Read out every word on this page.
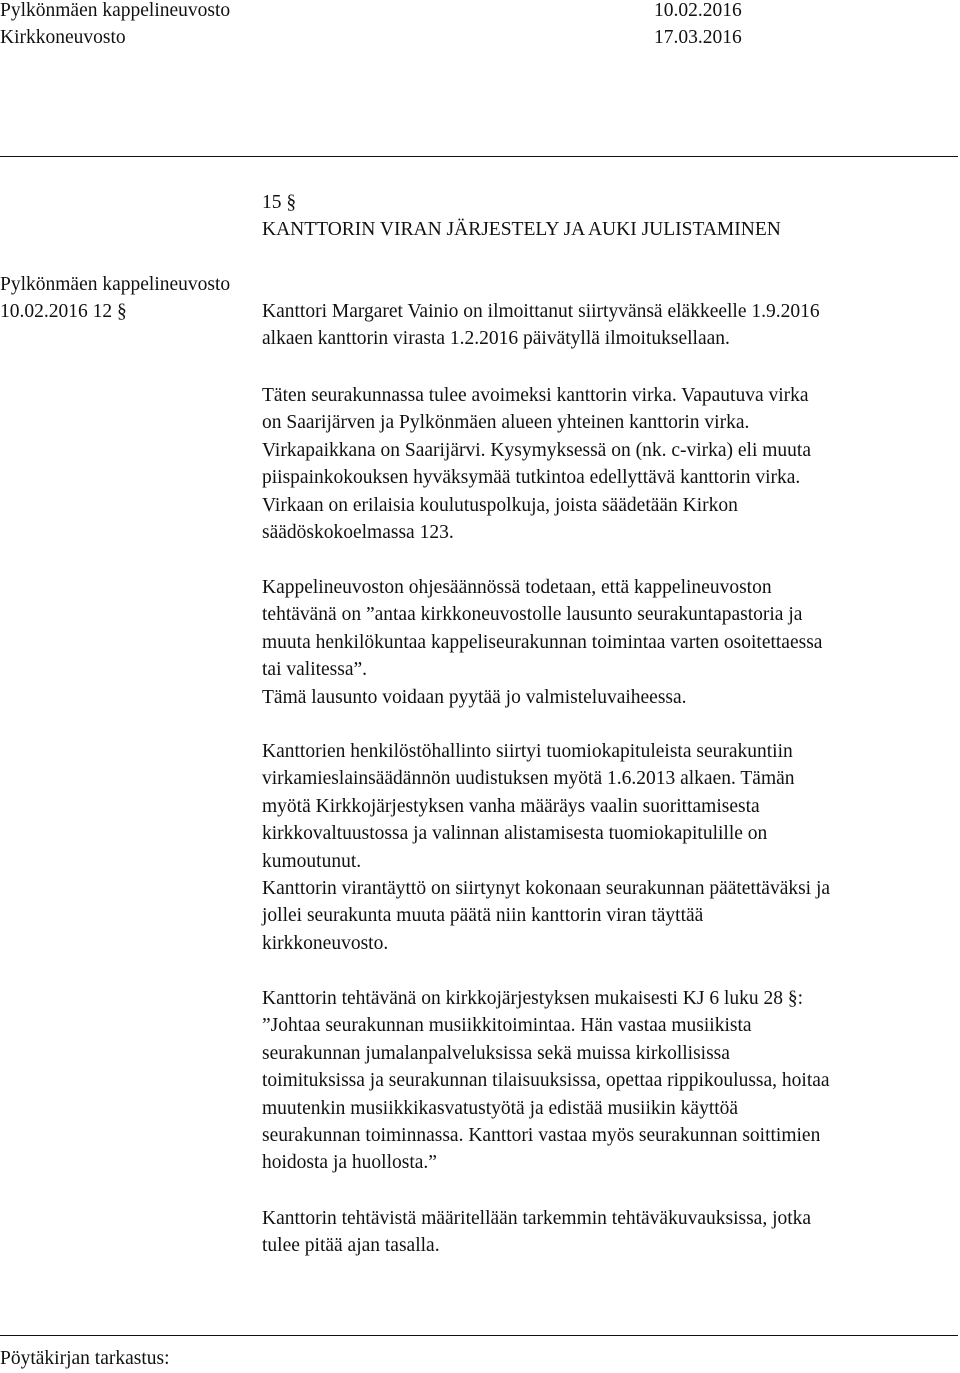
Pylkönmäen kappelineuvosto	10.02.2016
Kirkkoneuvosto	17.03.2016
15 §
KANTTORIN VIRAN JÄRJESTELY JA AUKI JULISTAMINEN
Pylkönmäen kappelineuvosto
10.02.2016 12 §	Kanttori Margaret Vainio on ilmoittanut siirtyvänsä eläkkeelle 1.9.2016
alkaen kanttorin virasta 1.2.2016 päivätyllä ilmoituksellaan.
Täten seurakunnassa tulee avoimeksi kanttorin virka. Vapautuva virka
on Saarijärven ja Pylkönmäen alueen yhteinen kanttorin virka.
Virkapaikkana on Saarijärvi. Kysymyksessä on (nk. c-virka) eli muuta
piispainkokouksen hyväksymää tutkintoa edellyttävä kanttorin virka.
Virkaan on erilaisia koulutuspolkuja, joista säädetään Kirkon
säädöskokoelmassa 123.
Kappelineuvoston ohjesäännössä todetaan, että kappelineuvoston
tehtävänä on ”antaa kirkkoneuvostolle lausunto seurakuntapastoria ja
muuta henkilökuntaa kappeliseurakunnan toimintaa varten osoitettaessa
tai valitessa”.
Tämä lausunto voidaan pyytää jo valmisteluvaiheessa.
Kanttorien henkilöstöhallinto siirtyi tuomiokapituleista seurakuntiin
virkamieslainsäädännön uudistuksen myötä 1.6.2013 alkaen. Tämän
myötä Kirkkojärjestyksen vanha määräys vaalin suorittamisesta
kirkkovaltuustossa ja valinnan alistamisesta tuomiokapitulille on
kumoutunut.
Kanttorin virantäyttö on siirtynyt kokonaan seurakunnan päätettäväksi ja
jollei seurakunta muuta päätä niin kanttorin viran täyttää
kirkkoneuvosto.
Kanttorin tehtävänä on kirkkojärjestyksen mukaisesti KJ 6 luku 28 §:
”Johtaa seurakunnan musiikkitoimintaa. Hän vastaa musiikista
seurakunnan jumalanpalveluksissa sekä muissa kirkollisissa
toimituksissa ja seurakunnan tilaisuuksissa, opettaa rippikoulussa, hoitaa
muutenkin musiikkikasvatustyötä ja edistää musiikin käyttöä
seurakunnan toiminnassa. Kanttori vastaa myös seurakunnan soittimien
hoidosta ja huollosta.”
Kanttorin tehtävistä määritellään tarkemmin tehtäväkuvauksissa, jotka
tulee pitää ajan tasalla.
Pöytäkirjan tarkastus:
